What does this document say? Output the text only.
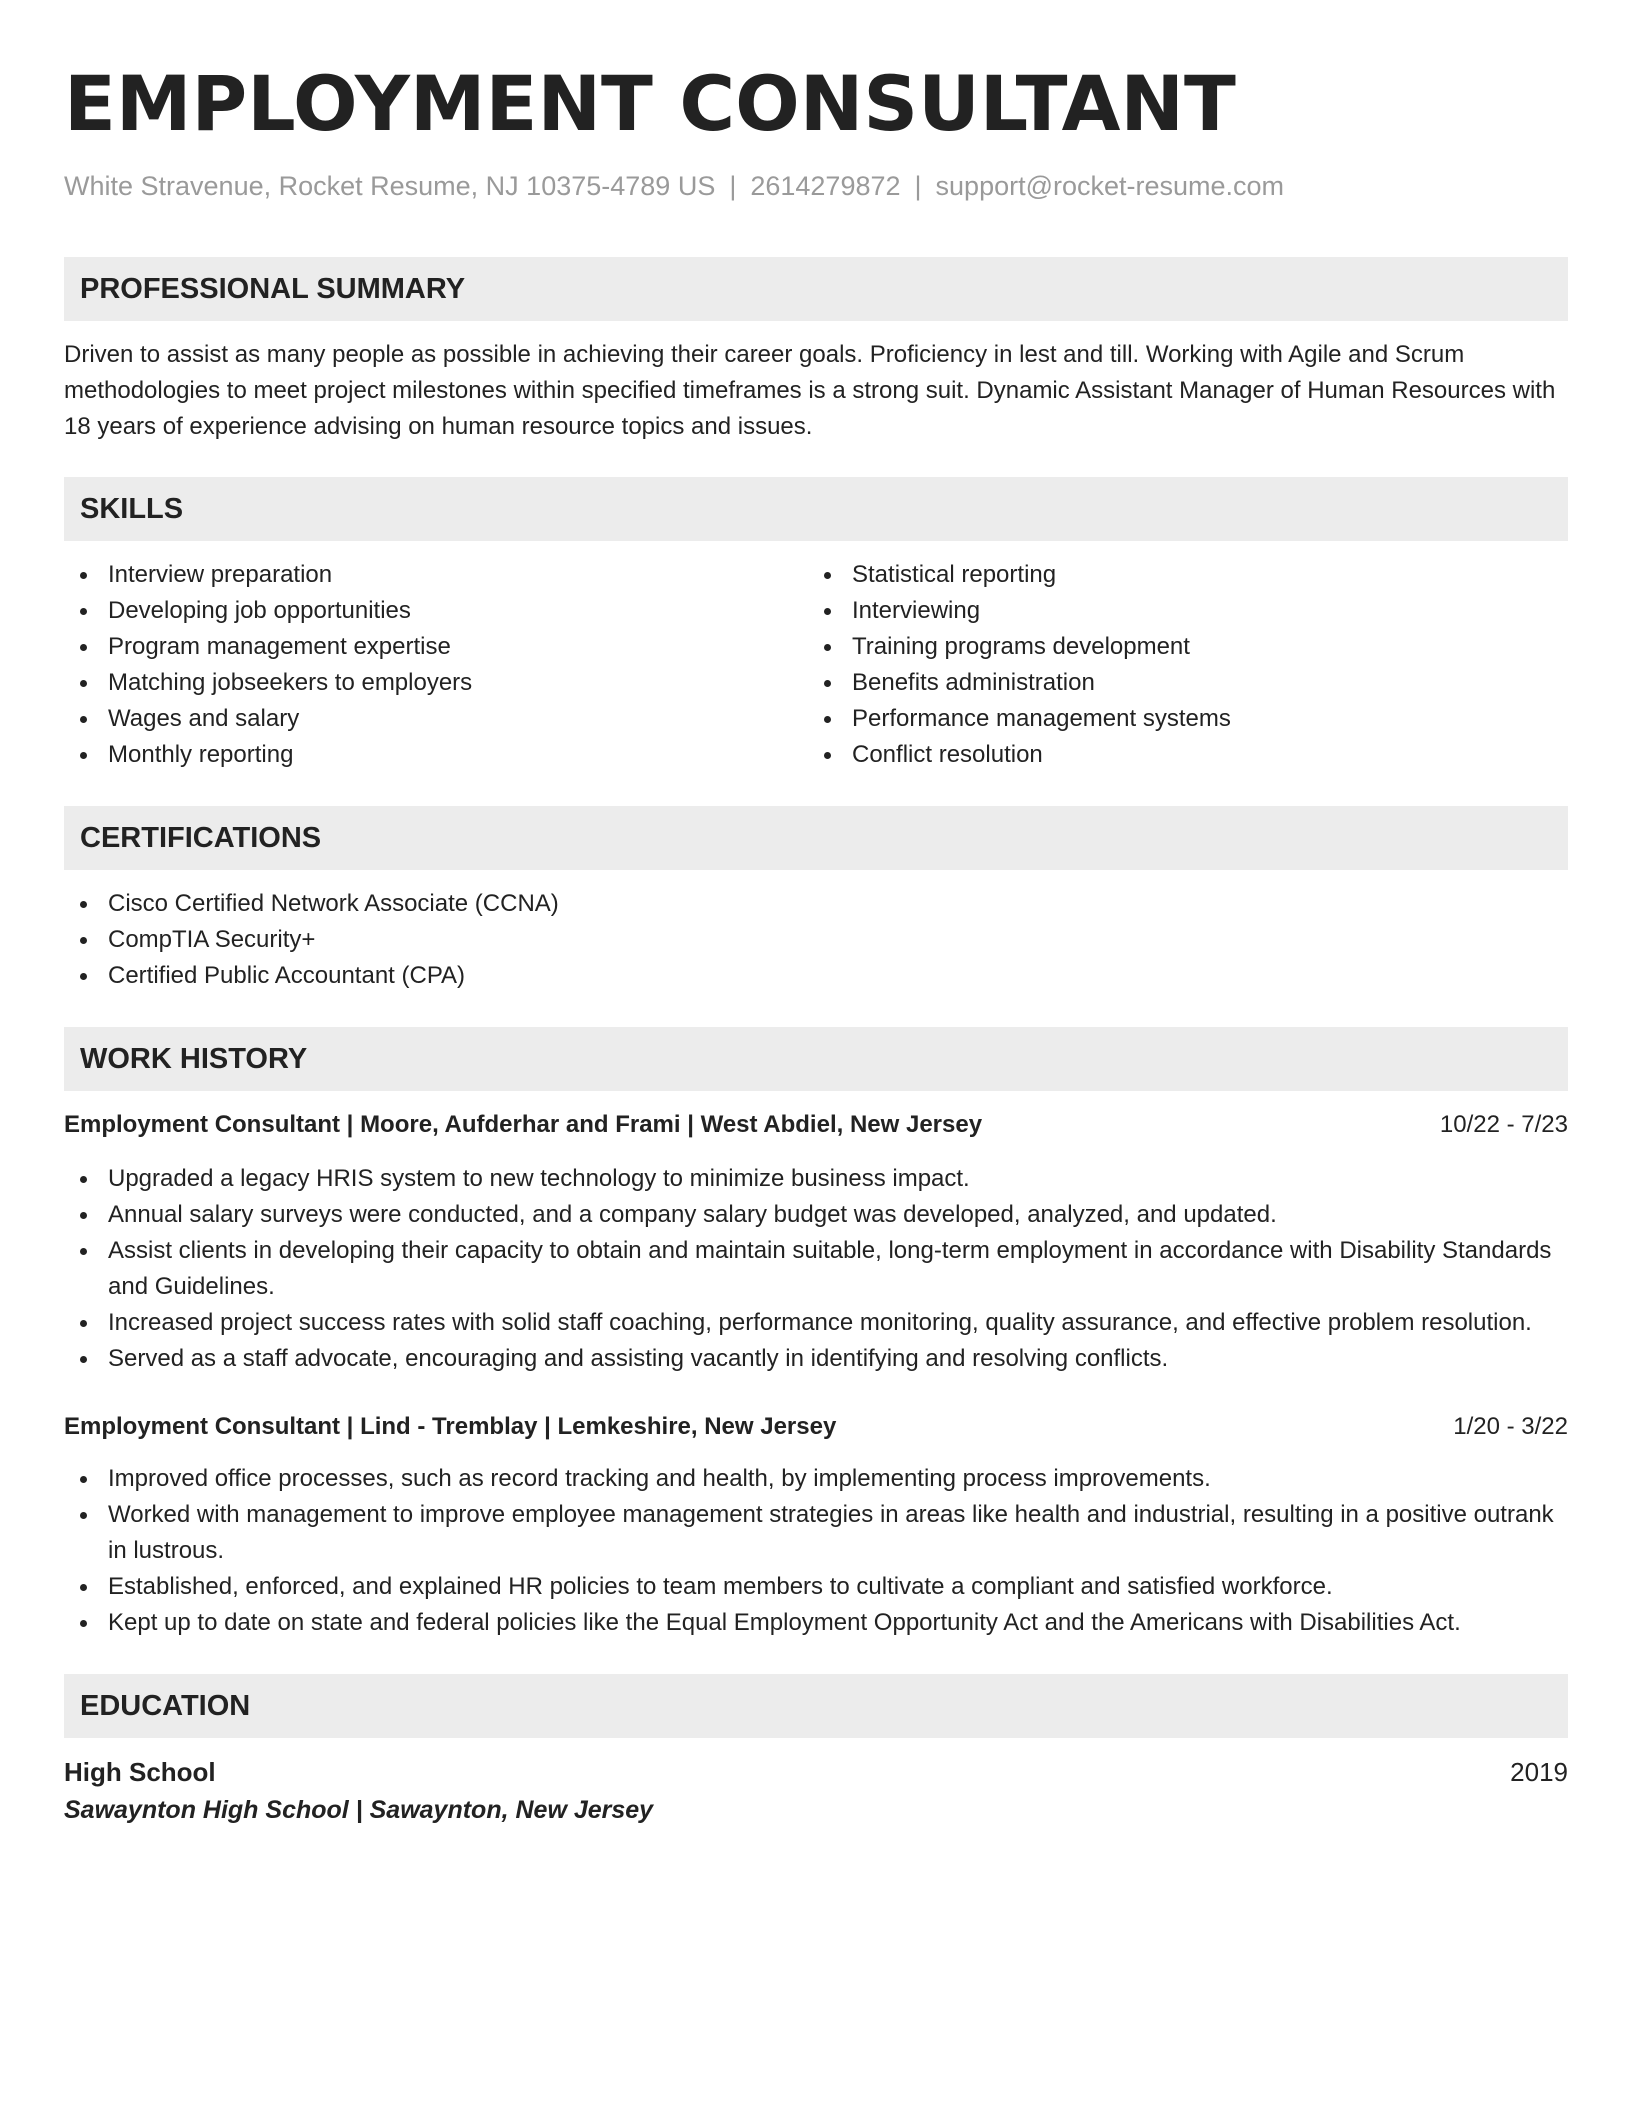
EMPLOYMENT CONSULTANT
White Stravenue, Rocket Resume, NJ 10375-4789 US | 2614279872 | support@rocket-resume.com
PROFESSIONAL SUMMARY

Driven to assist as many people as possible in achieving their career goals. Proficiency in lest and till. Working with Agile and Scrum methodologies to meet project milestones within specified timeframes is a strong suit. Dynamic Assistant Manager of Human Resources with 18 years of experience advising on human resource topics and issues.

SKILLS
Interview preparation
Developing job opportunities
Program management expertise
Matching jobseekers to employers
Wages and salary
Monthly reporting
Statistical reporting
Interviewing
Training programs development
Benefits administration
Performance management systems
Conflict resolution
CERTIFICATIONS
Cisco Certified Network Associate (CCNA)
CompTIA Security+
Certified Public Accountant (CPA)
WORK HISTORY
Employment Consultant | Moore, Aufderhar and Frami | West Abdiel, New Jersey	10/22 - 7/23
Upgraded a legacy HRIS system to new technology to minimize business impact.
Annual salary surveys were conducted, and a company salary budget was developed, analyzed, and updated.
Assist clients in developing their capacity to obtain and maintain suitable, long-term employment in accordance with Disability Standards and Guidelines.
Increased project success rates with solid staff coaching, performance monitoring, quality assurance, and effective problem resolution.
Served as a staff advocate, encouraging and assisting vacantly in identifying and resolving conflicts.
Employment Consultant | Lind - Tremblay | Lemkeshire, New Jersey	1/20 - 3/22
Improved office processes, such as record tracking and health, by implementing process improvements.
Worked with management to improve employee management strategies in areas like health and industrial, resulting in a positive outrank in lustrous.
Established, enforced, and explained HR policies to team members to cultivate a compliant and satisfied workforce.
Kept up to date on state and federal policies like the Equal Employment Opportunity Act and the Americans with Disabilities Act.
EDUCATION
High School	2019
Sawaynton High School | Sawaynton, New Jersey
